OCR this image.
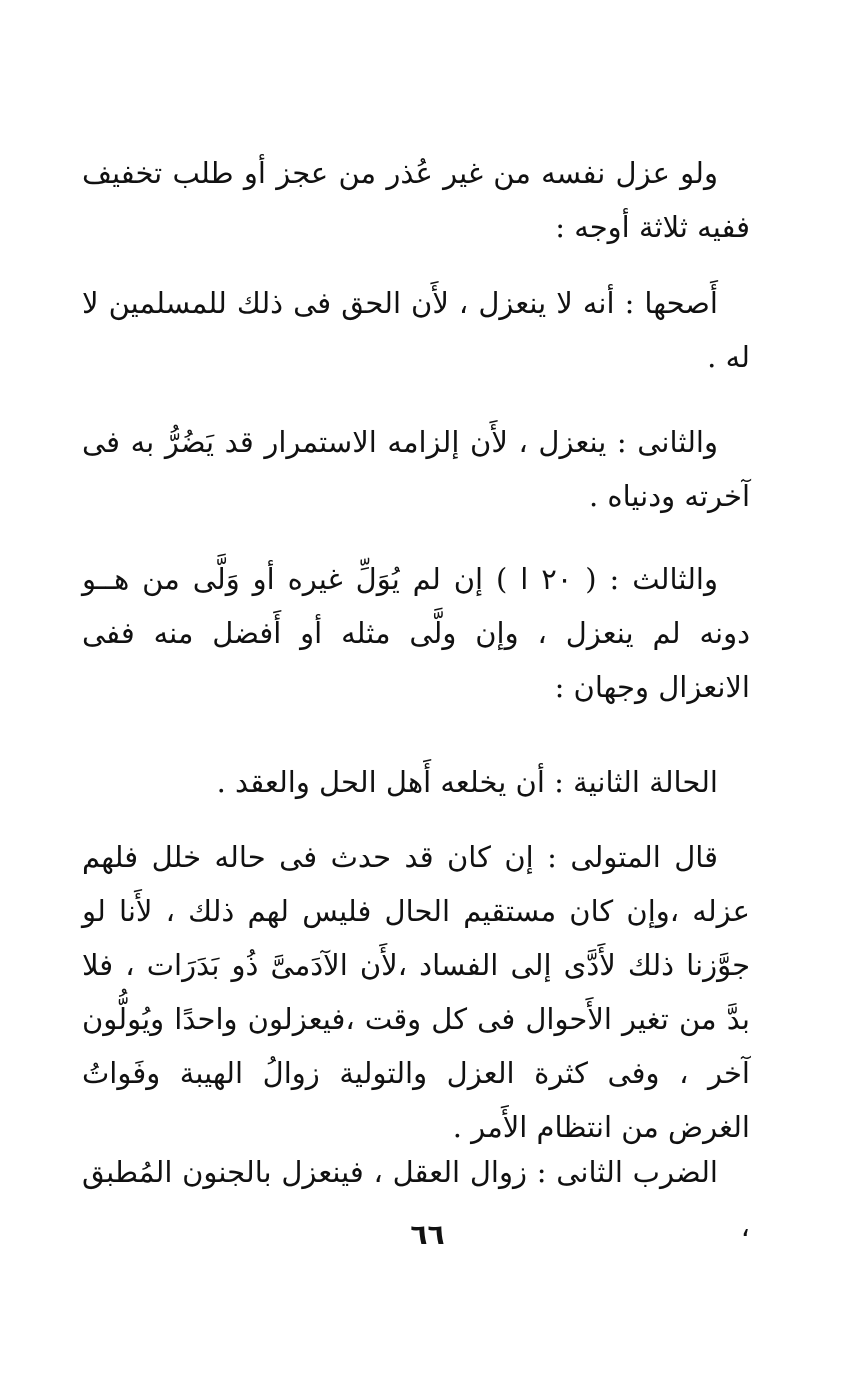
ولو عزل نفسه من غير عُذر من عجز أو طلب تخفيف ففيه ثلاثة أوجه :

أَصحها : أنه لا ينعزل ، لأَن الحق فى ذلك للمسلمين لا له .

والثانى : ينعزل ، لأَن إلزامه الاستمرار قد يَضُرُّ به فى آخرته ودنياه .

والثالث : ( ٢٠ ا ) إن لم يُوَلِّ غيره أو وَلَّى من هــو دونه لم ينعزل ، وإن ولَّى مثله أو أَفضل منه ففى الانعزال وجهان :

الحالة الثانية : أن يخلعه أَهل الحل والعقد .

قال المتولى : إن كان قد حدث فى حاله خلل فلهم عزله ،وإن كان مستقيم الحال فليس لهم ذلك ، لأَنا لو جوَّزنا ذلك لأَدَّى إلى الفساد ،لأَن الآدَمىَّ ذُو بَدَرَات ، فلا بدَّ من تغير الأَحوال فى كل وقت ،فيعزلون واحدًا ويُولُّون آخر ، وفى كثرة العزل والتولية زوالُ الهيبة وفَواتُ الغرض من انتظام الأَمر .

الضرب الثانى : زوال العقل ، فينعزل بالجنون المُطبق ،

٦٦
